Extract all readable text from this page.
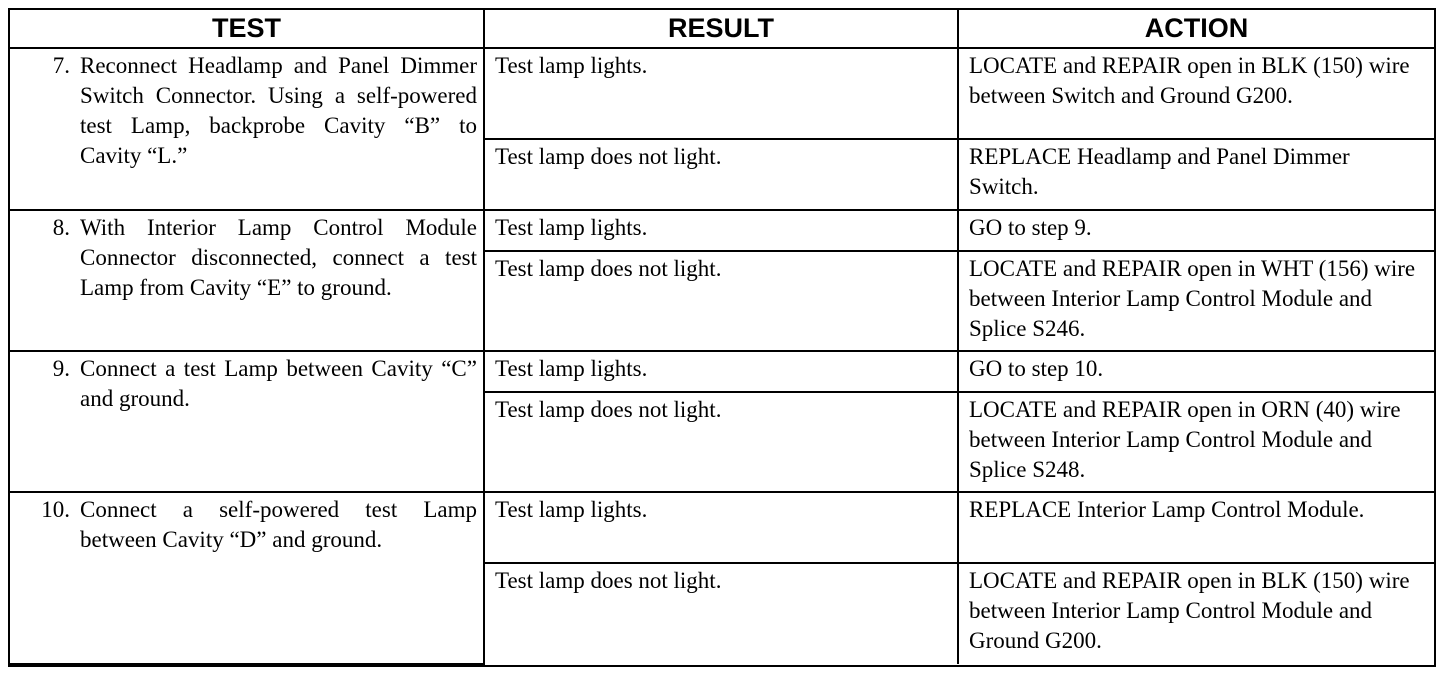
TEST	RESULT	ACTION

7. Reconnect Headlamp and Panel Dimmer Switch Connector. Using a self-powered test Lamp, backprobe Cavity “B” to Cavity “L.”	Test lamp lights.	LOCATE and REPAIR open in BLK (150) wire between Switch and Ground G200.
	Test lamp does not light.	REPLACE Headlamp and Panel Dimmer Switch.

8. With Interior Lamp Control Module Connector disconnected, connect a test Lamp from Cavity “E” to ground.	Test lamp lights.	GO to step 9.
	Test lamp does not light.	LOCATE and REPAIR open in WHT (156) wire between Interior Lamp Control Module and Splice S246.

9. Connect a test Lamp between Cavity “C” and ground.	Test lamp lights.	GO to step 10.
	Test lamp does not light.	LOCATE and REPAIR open in ORN (40) wire between Interior Lamp Control Module and Splice S248.

10. Connect a self-powered test Lamp between Cavity “D” and ground.	Test lamp lights.	REPLACE Interior Lamp Control Module.
	Test lamp does not light.	LOCATE and REPAIR open in BLK (150) wire between Interior Lamp Control Module and Ground G200.
